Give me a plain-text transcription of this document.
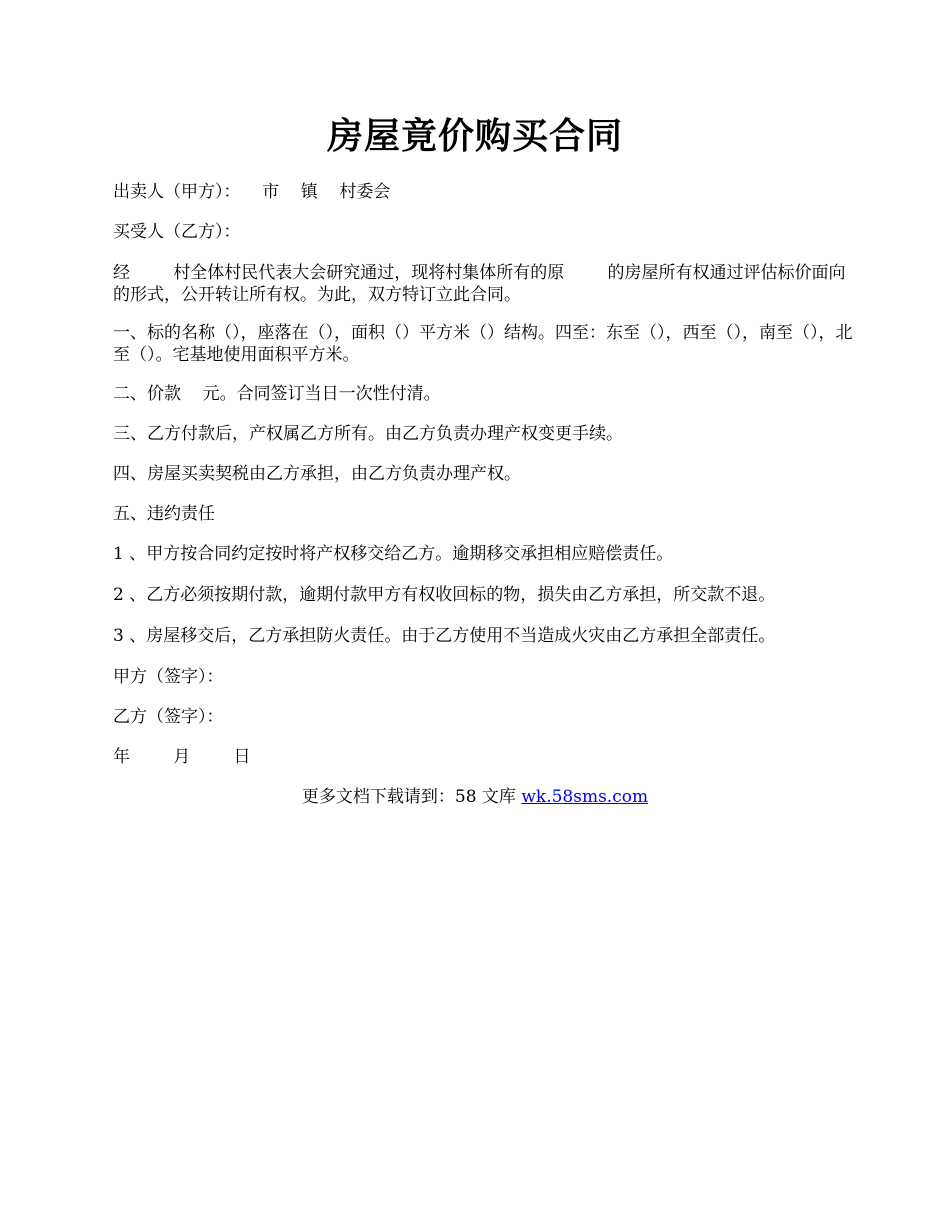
房屋竟价购买合同
出卖人（甲方）：    市    镇    村委会
买受人（乙方）：
经        村全体村民代表大会研究通过，现将村集体所有的原        的房屋所有权通过评估标价面向        的形式，公开转让所有权。为此，双方特订立此合同。
一、标的名称（），座落在（），面积（）平方米（）结构。四至：东至（），西至（），南至（），北至（）。宅基地使用面积平方米。
二、价款    元。合同签订当日一次性付清。
三、乙方付款后，产权属乙方所有。由乙方负责办理产权变更手续。
四、房屋买卖契税由乙方承担，由乙方负责办理产权。
五、违约责任
1 、甲方按合同约定按时将产权移交给乙方。逾期移交承担相应赔偿责任。
2 、乙方必须按期付款，逾期付款甲方有权收回标的物，损失由乙方承担，所交款不退。
3 、房屋移交后，乙方承担防火责任。由于乙方使用不当造成火灾由乙方承担全部责任。
甲方（签字）：
乙方（签字）：
年        月        日
更多文档下载请到：58 文库 wk.58sms.com
